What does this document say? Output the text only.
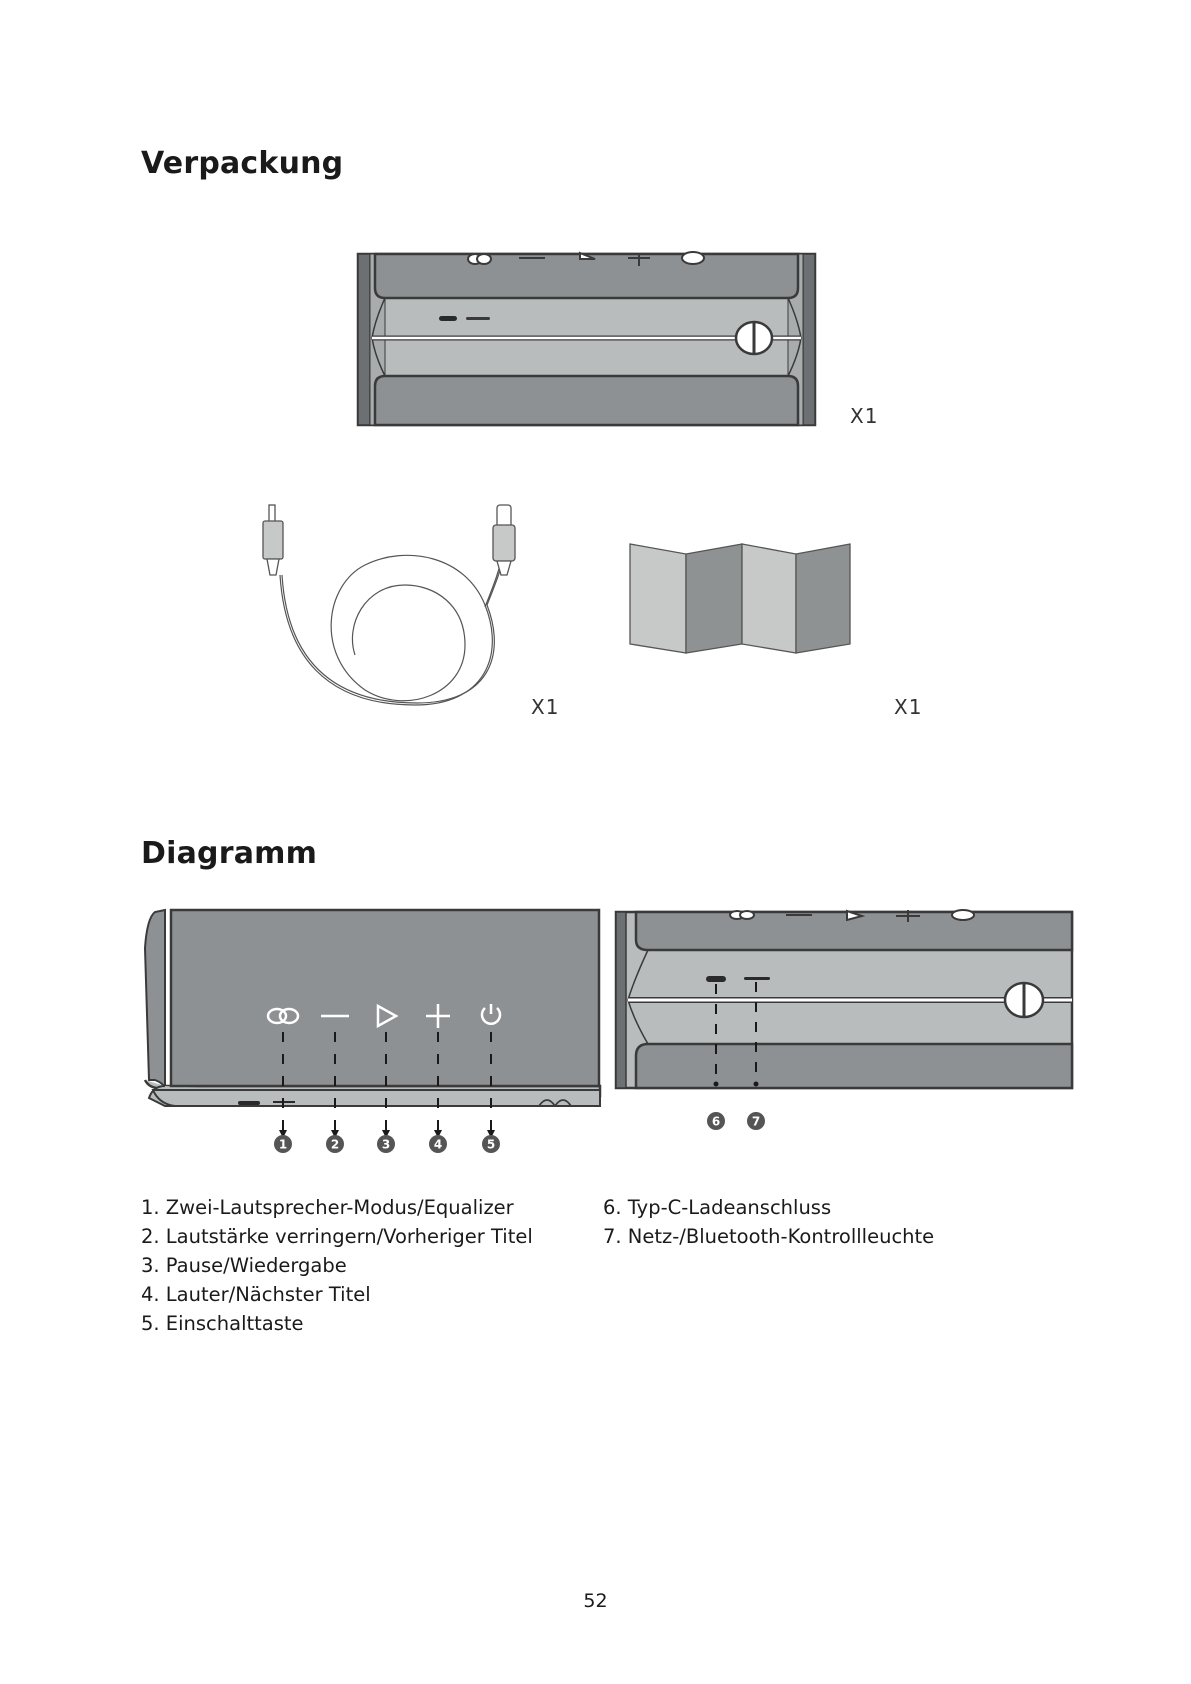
Verpackung
Diagramm
X1
X1	X1
1	2	3	4	5
6	7
1. Zwei-Lautsprecher-Modus/Equalizer
2. Lautstärke verringern/Vorheriger Titel
3. Pause/Wiedergabe
4. Lauter/Nächster Titel
5. Einschalttaste
6. Typ-C-Ladeanschluss
7. Netz-/Bluetooth-Kontrollleuchte
52
